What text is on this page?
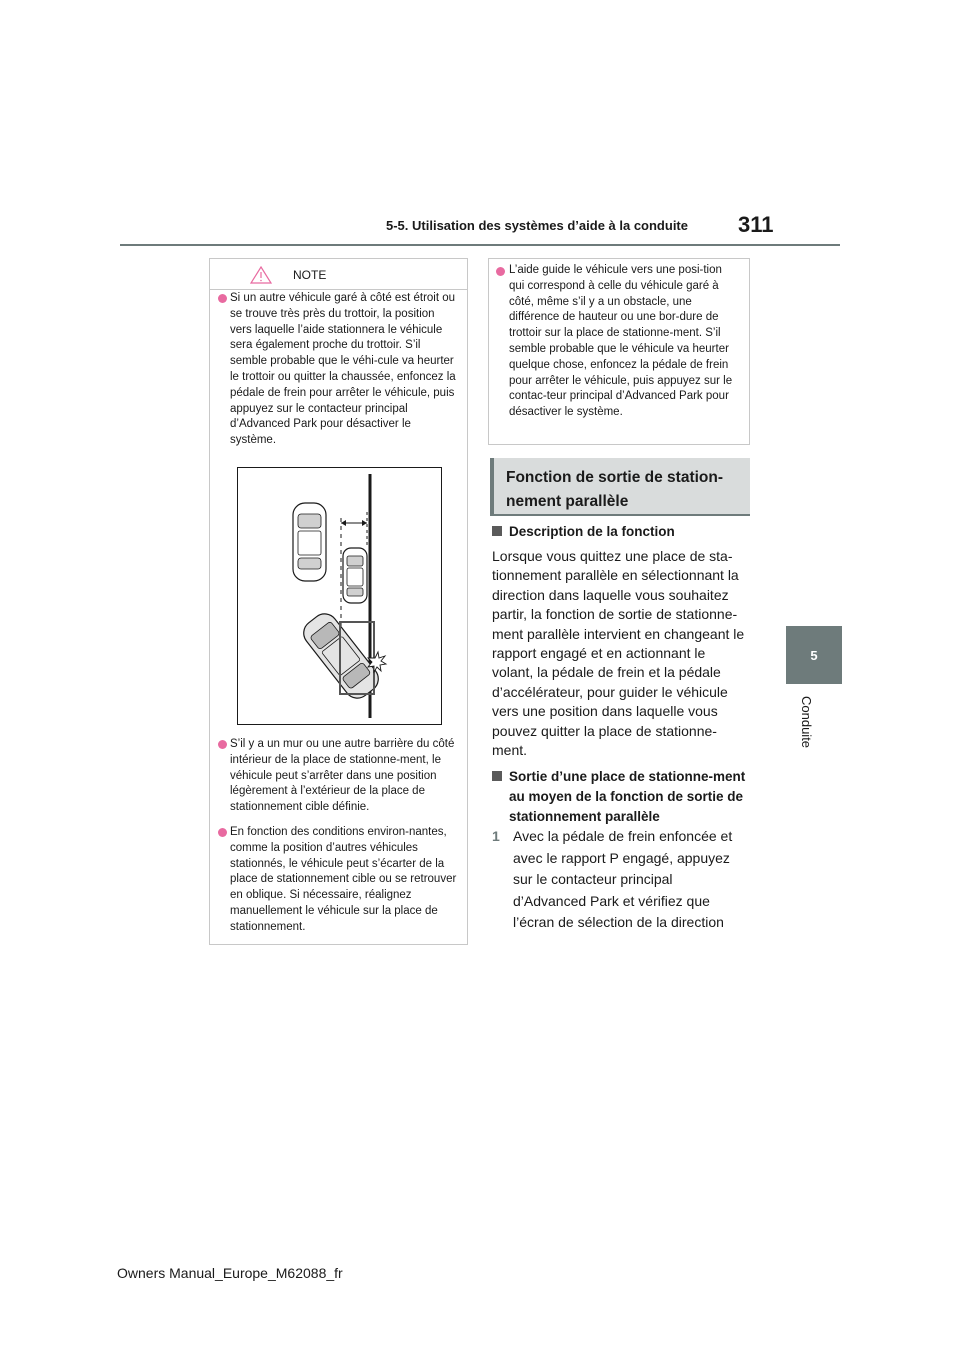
5-5. Utilisation des systèmes d’aide à la conduite 311
5
Conduite
NOTE
Si un autre véhicule garé à côté est étroit ou se trouve très près du trottoir, la position vers laquelle l’aide stationnera le véhicule sera également proche du trottoir. S’il semble probable que le véhi-cule va heurter le trottoir ou quitter la chaussée, enfoncez la pédale de frein pour arrêter le véhicule, puis appuyez sur le contacteur principal d’Advanced Park pour désactiver le système.
S’il y a un mur ou une autre barrière du côté intérieur de la place de stationne-ment, le véhicule peut s’arrêter dans une position légèrement à l’extérieur de la place de stationnement cible définie.
En fonction des conditions environ-nantes, comme la position d’autres véhicules stationnés, le véhicule peut s’écarter de la place de stationnement cible ou se retrouver en oblique. Si nécessaire, réalignez manuellement le véhicule sur la place de stationnement.
L’aide guide le véhicule vers une posi-tion qui correspond à celle du véhicule garé à côté, même s’il y a un obstacle, une différence de hauteur ou une bor-dure de trottoir sur la place de stationne-ment. S’il semble probable que le véhicule va heurter quelque chose, enfoncez la pédale de frein pour arrêter le véhicule, puis appuyez sur le contac-teur principal d’Advanced Park pour désactiver le système.
Fonction de sortie de station-nement parallèle
Description de la fonction
Lorsque vous quittez une place de sta-tionnement parallèle en sélectionnant la direction dans laquelle vous souhaitez partir, la fonction de sortie de stationne-ment parallèle intervient en changeant le rapport engagé et en actionnant le volant, la pédale de frein et la pédale d’accélérateur, pour guider le véhicule vers une position dans laquelle vous pouvez quitter la place de stationne-ment.
Sortie d’une place de stationne-ment au moyen de la fonction de sortie de stationnement parallèle
1 Avec la pédale de frein enfoncée et avec le rapport P engagé, appuyez sur le contacteur principal d’Advanced Park et vérifiez que l’écran de sélection de la direction
Owners Manual_Europe_M62088_fr
